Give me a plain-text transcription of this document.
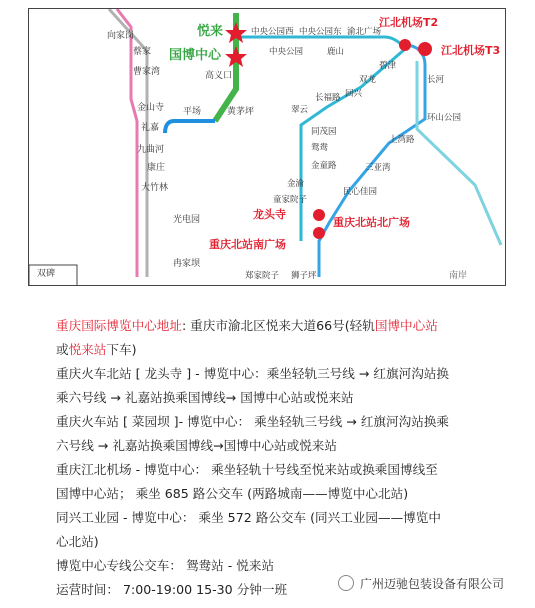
向家岗
蔡家
曹家湾
金山寺
礼嘉
九曲河
康庄
大竹林
光电园
冉家坝
平场	黄茅坪
高义口
悦来
国博中心
中央公园西 中央公园东 渝北广场
中央公园	鹿山
江北机场T2
江北机场T3
碧津
双龙
回兴
长福路
翠云
长河
环山公园
上湾路
三亚湾
民心佳园
同茂园
鸳鸯
金童路
金渝
童家院子
龙头寺
重庆北站北广场
重庆北站南广场
郑家院子 狮子坪
双碑	南岸
重庆国际博览中心地址: 重庆市渝北区悦来大道66号(轻轨国博中心站
或悦来站下车)
重庆火车北站 [ 龙头寺 ] - 博览中心：乘坐轻轨三号线 → 红旗河沟站换
乘六号线 → 礼嘉站换乘国博线→ 国博中心站或悦来站
重庆火车站 [ 菜园坝 ]- 博览中心： 乘坐轻轨三号线 → 红旗河沟站换乘
六号线 → 礼嘉站换乘国博线→国博中心站或悦来站
重庆江北机场 - 博览中心： 乘坐轻轨十号线至悦来站或换乘国博线至
国博中心站； 乘坐 685 路公交车 (两路城南——博览中心北站)
同兴工业园 - 博览中心： 乘坐 572 路公交车 (同兴工业园——博览中
心北站)
博览中心专线公交车： 鸳鸯站 - 悦来站
运营时间： 7:00-19:00 15-30 分钟一班	广州迈驰包装设备有限公司
